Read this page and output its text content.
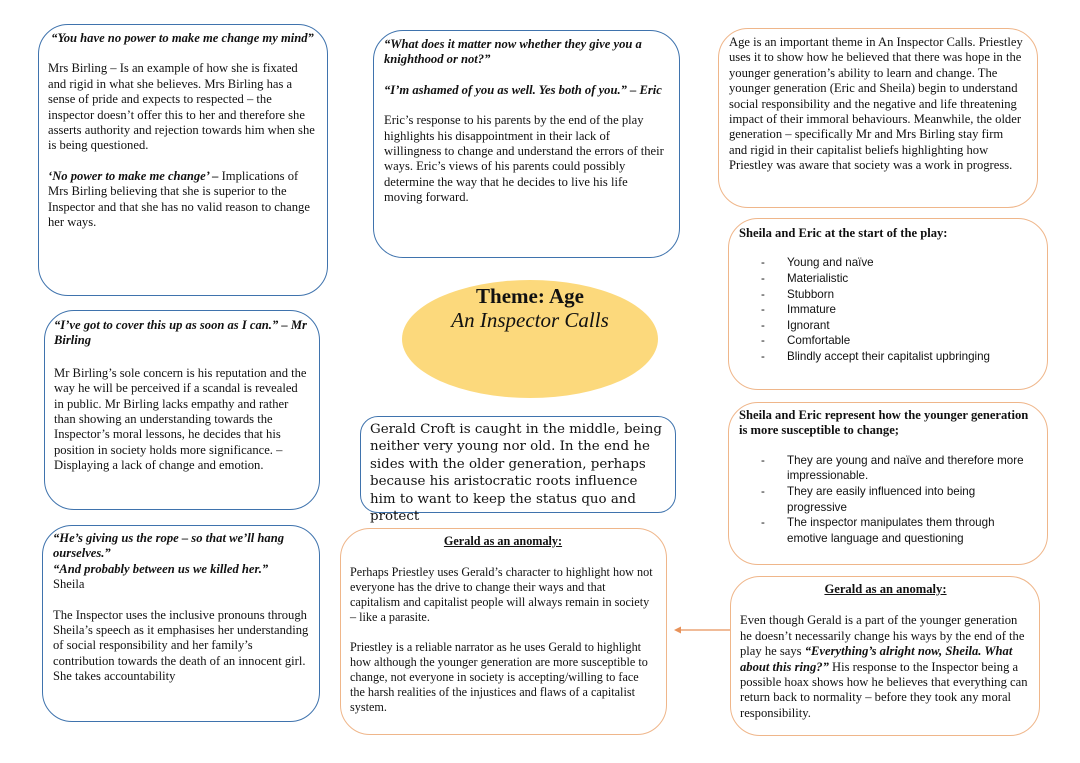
“You have no power to make me change my mind”

Mrs Birling – Is an example of how she is fixated and rigid in what she believes. Mrs Birling has a sense of pride and expects to respected – the inspector doesn’t offer this to her and therefore she asserts authority and rejection towards him when she is being questioned.

‘No power to make me change’ – Implications of Mrs Birling believing that she is superior to the Inspector and that she has no valid reason to change her ways.

“What does it matter now whether they give you a knighthood or not?”

“I’m ashamed of you as well. Yes both of you.” – Eric

Eric’s response to his parents by the end of the play highlights his disappointment in their lack of willingness to change and understand the errors of their ways. Eric’s views of his parents could possibly determine the way that he decides to live his life moving forward.

Age is an important theme in An Inspector Calls. Priestley uses it to show how he believed that there was hope in the younger generation’s ability to learn and change. The younger generation (Eric and Sheila) begin to understand social responsibility and the negative and life threatening impact of their immoral behaviours. Meanwhile, the older generation – specifically Mr and Mrs Birling stay firm and rigid in their capitalist beliefs highlighting how Priestley was aware that society was a work in progress.

Sheila and Eric at the start of the play:

- Young and naïve
- Materialistic
- Stubborn
- Immature
- Ignorant
- Comfortable
- Blindly accept their capitalist upbringing
Theme: Age
An Inspector Calls

“I’ve got to cover this up as soon as I can.” – Mr Birling

Mr Birling’s sole concern is his reputation and the way he will be perceived if a scandal is revealed in public. Mr Birling lacks empathy and rather than showing an understanding towards the Inspector’s moral lessons, he decides that his position in society holds more significance. – Displaying a lack of change and emotion.

Gerald Croft is caught in the middle, being neither very young nor old. In the end he sides with the older generation, perhaps because his aristocratic roots influence him to want to keep the status quo and protect

Sheila and Eric represent how the younger generation is more susceptible to change;

- They are young and naïve and therefore more impressionable.
- They are easily influenced into being progressive
- The inspector manipulates them through emotive language and questioning

“He’s giving us the rope – so that we’ll hang ourselves.”

“And probably between us we killed her.”

Sheila

The Inspector uses the inclusive pronouns through Sheila’s speech as it emphasises her understanding of social responsibility and her family’s contribution towards the death of an innocent girl. She takes accountability

Gerald as an anomaly:

Perhaps Priestley uses Gerald’s character to highlight how not everyone has the drive to change their ways and that capitalism and capitalist people will always remain in society – like a parasite.

Priestley is a reliable narrator as he uses Gerald to highlight how although the younger generation are more susceptible to change, not everyone in society is accepting/willing to face the harsh realities of the injustices and flaws of a capitalist system.

Gerald as an anomaly:

Even though Gerald is a part of the younger generation he doesn’t necessarily change his ways by the end of the play he says “Everything’s alright now, Sheila. What about this ring?” His response to the Inspector being a possible hoax shows how he believes that everything can return back to normality – before they took any moral responsibility.
